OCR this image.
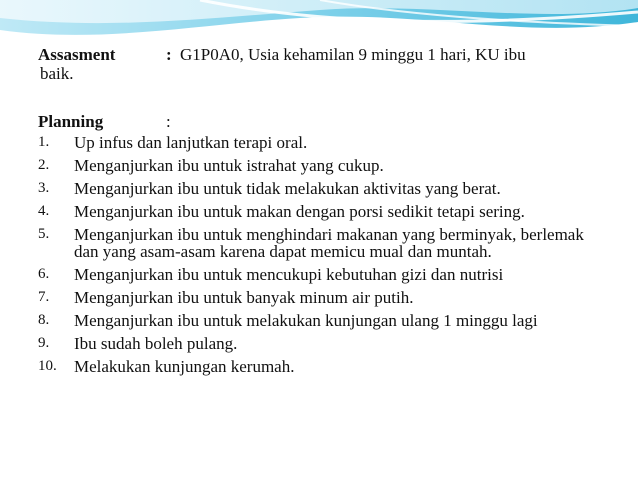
Assasment	: G1P0A0, Usia kehamilan 9 minggu 1 hari, KU ibu
baik.
Planning	:
1. Up infus dan lanjutkan terapi oral.
2. Menganjurkan ibu untuk istrahat yang cukup.
3. Menganjurkan ibu untuk tidak melakukan aktivitas yang berat.
4. Menganjurkan ibu untuk makan dengan porsi sedikit tetapi sering.
5. Menganjurkan ibu untuk menghindari makanan yang berminyak, berlemak dan yang asam-asam karena dapat memicu mual dan muntah.
6. Menganjurkan ibu untuk mencukupi kebutuhan gizi dan nutrisi
7. Menganjurkan ibu untuk banyak minum air putih.
8. Menganjurkan ibu untuk melakukan kunjungan ulang 1 minggu lagi
9. Ibu sudah boleh pulang.
10. Melakukan kunjungan kerumah.
